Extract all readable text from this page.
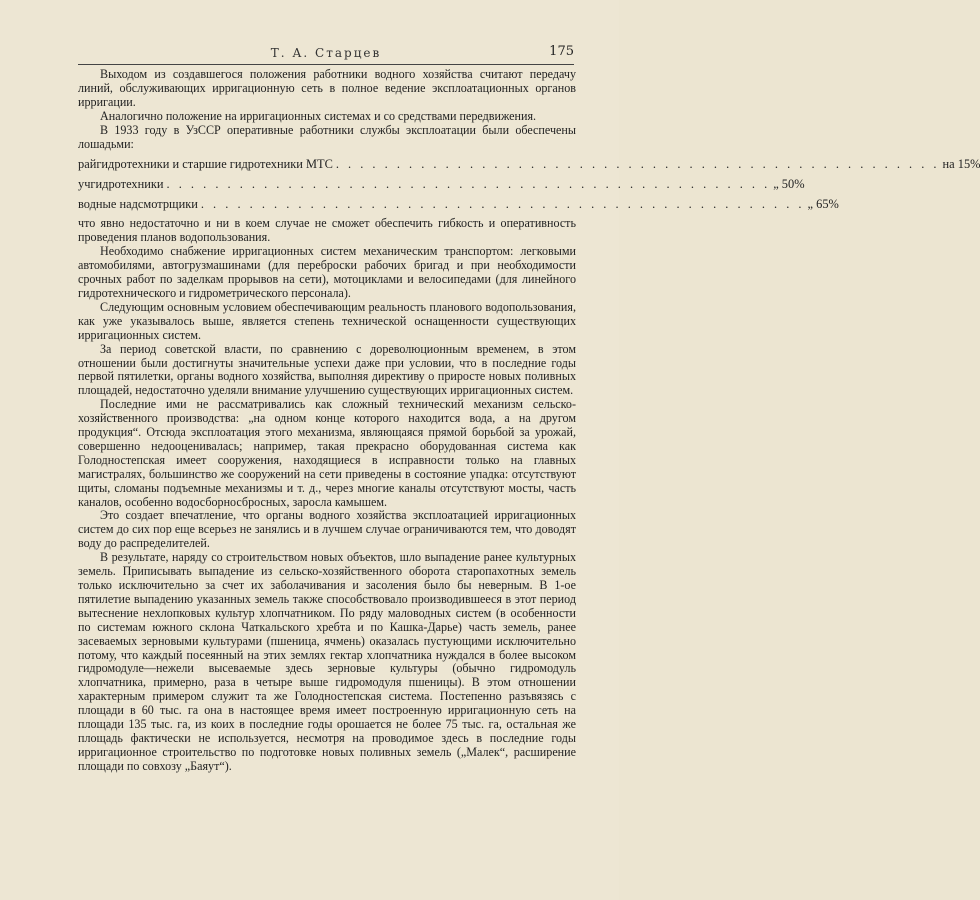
Т. А. Старцев	175

Выходом из создавшегося положения работники водного хозяйства считают передачу линий, обслуживающих ирригационную сеть в полное ведение эксплоатационных органов ирригации.

Аналогично положение на ирригационных системах и со средствами передвижения.

В 1933 году в УзССР оперативные работники службы эксплоатации были обеспечены лошадьми:

райгидротехники и старшие гидротехники МТС . . . . . . . . . . . . . . . . . . . . . . . . . . . . . . . . . . . . . . . . . . . . . . . . . . на 15%
учгидротехники . . . . . . . . . . . . . . . . . . . . . . . . . . . . . . . . . . . . . . . . . . . . . . . . . . „ 50%
водные надсмотрщики . . . . . . . . . . . . . . . . . . . . . . . . . . . . . . . . . . . . . . . . . . . . . . . . . . „ 65%

что явно недостаточно и ни в коем случае не сможет обеспечить гибкость и оперативность проведения планов водопользования.

Необходимо снабжение ирригационных систем механическим транспортом: легковыми автомобилями, автогрузмашинами (для переброски рабочих бригад и при необходимости срочных работ по заделкам прорывов на сети), мотоциклами и велосипедами (для линейного гидротехнического и гидрометрического персонала).

Следующим основным условием обеспечивающим реальность планового водопользования, как уже указывалось выше, является степень технической оснащенности существующих ирригационных систем.

За период советской власти, по сравнению с дореволюционным временем, в этом отношении были достигнуты значительные успехи даже при условии, что в последние годы первой пятилетки, органы водного хозяйства, выполняя директиву о приросте новых поливных площадей, недостаточно уделяли внимание улучшению существующих ирригационных систем.

Последние ими не рассматривались как сложный технический механизм сельско-хозяйственного производства: „на одном конце которого находится вода, а на другом продукция“. Отсюда эксплоатация этого механизма, являющаяся прямой борьбой за урожай, совершенно недооценивалась; например, такая прекрасно оборудованная система как Голодностепская имеет сооружения, находящиеся в исправности только на главных магистралях, большинство же сооружений на сети приведены в состояние упадка: отсутствуют щиты, сломаны подъемные механизмы и т. д., через многие каналы отсутствуют мосты, часть каналов, особенно водосборносбросных, заросла камышем.

Это создает впечатление, что органы водного хозяйства эксплоатацией ирригационных систем до сих пор еще всерьез не занялись и в лучшем случае ограничиваются тем, что доводят воду до распределителей.

В результате, наряду со строительством новых объектов, шло выпадение ранее культурных земель. Приписывать выпадение из сельско-хозяйственного оборота старопахотных земель только исключительно за счет их заболачивания и засоления было бы неверным. В 1-ое пятилетие выпадению указанных земель также способствовало производившееся в этот период вытеснение нехлопковых культур хлопчатником. По ряду маловодных систем (в особенности по системам южного склона Чаткальского хребта и по Кашка-Дарье) часть земель, ранее засеваемых зерновыми культурами (пшеница, ячмень) оказалась пустующими исключительно потому, что каждый посеянный на этих землях гектар хлопчатника нуждался в более высоком гидромодуле—нежели высеваемые здесь зерновые культуры (обычно гидромодуль хлопчатника, примерно, раза в четыре выше гидромодуля пшеницы). В этом отношении характерным примером служит та же Голодностепская система. Постепенно разъвязясь с площади в 60 тыс. га она в настоящее время имеет построенную ирригационную сеть на площади 135 тыс. га, из коих в последние годы орошается не более 75 тыс. га, остальная же площадь фактически не используется, несмотря на проводимое здесь в последние годы ирригационное строительство по подготовке новых поливных земель („Малек“, расширение площади по совхозу „Баяут“).
